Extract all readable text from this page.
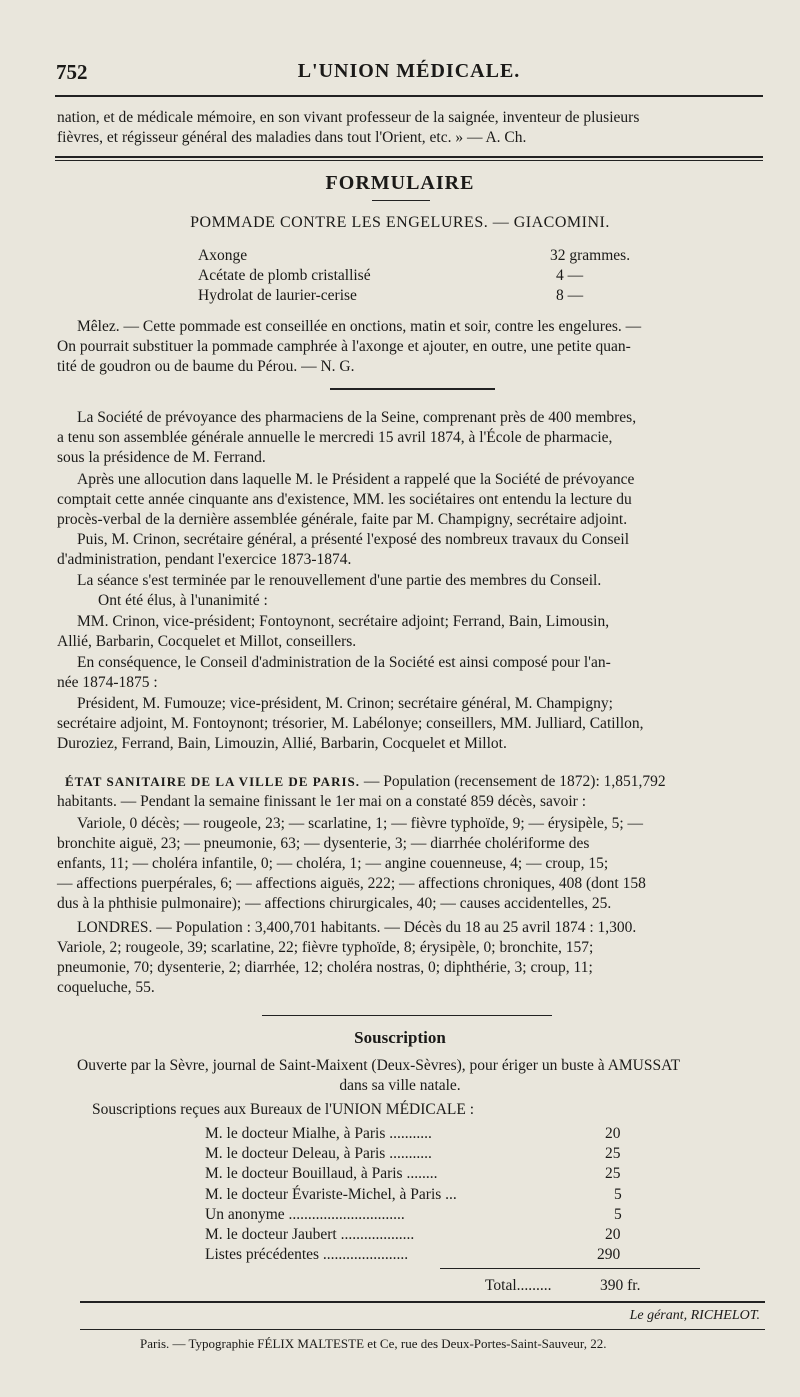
752	L'UNION MÉDICALE.
nation, et de médicale mémoire, en son vivant professeur de la saignée, inventeur de plusieurs
fièvres, et régisseur général des maladies dans tout l'Orient, etc. » — A. Ch.
FORMULAIRE
POMMADE CONTRE LES ENGELURES. — GIACOMINI.
Axonge	32 grammes.
Acétate de plomb cristallisé	4 —
Hydrolat de laurier-cerise	8 —
Mêlez. — Cette pommade est conseillée en onctions, matin et soir, contre les engelures. —
On pourrait substituer la pommade camphrée à l'axonge et ajouter, en outre, une petite quan-
tité de goudron ou de baume du Pérou. — N. G.
La Société de prévoyance des pharmaciens de la Seine, comprenant près de 400 membres,
a tenu son assemblée générale annuelle le mercredi 15 avril 1874, à l'École de pharmacie,
sous la présidence de M. Ferrand.
Après une allocution dans laquelle M. le Président a rappelé que la Société de prévoyance
comptait cette année cinquante ans d'existence, MM. les sociétaires ont entendu la lecture du
procès-verbal de la dernière assemblée générale, faite par M. Champigny, secrétaire adjoint.
Puis, M. Crinon, secrétaire général, a présenté l'exposé des nombreux travaux du Conseil
d'administration, pendant l'exercice 1873-1874.
La séance s'est terminée par le renouvellement d'une partie des membres du Conseil.
Ont été élus, à l'unanimité :
MM. Crinon, vice-président; Fontoynont, secrétaire adjoint; Ferrand, Bain, Limousin,
Allié, Barbarin, Cocquelet et Millot, conseillers.
En conséquence, le Conseil d'administration de la Société est ainsi composé pour l'an-
née 1874-1875 :
Président, M. Fumouze; vice-président, M. Crinon; secrétaire général, M. Champigny;
secrétaire adjoint, M. Fontoynont; trésorier, M. Labélonye; conseillers, MM. Julliard, Catillon,
Duroziez, Ferrand, Bain, Limouzin, Allié, Barbarin, Cocquelet et Millot.
ÉTAT SANITAIRE DE LA VILLE DE PARIS. — Population (recensement de 1872): 1,851,792
habitants. — Pendant la semaine finissant le 1er mai on a constaté 859 décès, savoir :
Variole, 0 décès; — rougeole, 23; — scarlatine, 1; — fièvre typhoïde, 9; — érysipèle, 5; —
bronchite aiguë, 23; — pneumonie, 63; — dysenterie, 3; — diarrhée cholériforme des
enfants, 11; — choléra infantile, 0; — choléra, 1; — angine couenneuse, 4; — croup, 15;
— affections puerpérales, 6; — affections aiguës, 222; — affections chroniques, 408 (dont 158
dus à la phthisie pulmonaire); — affections chirurgicales, 40; — causes accidentelles, 25.
LONDRES. — Population : 3,400,701 habitants. — Décès du 18 au 25 avril 1874 : 1,300.
Variole, 2; rougeole, 39; scarlatine, 22; fièvre typhoïde, 8; érysipèle, 0; bronchite, 157;
pneumonie, 70; dysenterie, 2; diarrhée, 12; choléra nostras, 0; diphthérie, 3; croup, 11;
coqueluche, 55.
Souscription
Ouverte par la Sèvre, journal de Saint-Maixent (Deux-Sèvres), pour ériger un buste à AMUSSAT
dans sa ville natale.
Souscriptions reçues aux Bureaux de l'UNION MÉDICALE :
M. le docteur Mialhe, à Paris ...........	20
M. le docteur Deleau, à Paris ...........	25
M. le docteur Bouillaud, à Paris ........	25
M. le docteur Évariste-Michel, à Paris ...	5
Un anonyme ..............................	5
M. le docteur Jaubert ...................	20
Listes précédentes ......................	290
Total.........	390 fr.
Le gérant, RICHELOT.
Paris. — Typographie FÉLIX MALTESTE et Ce, rue des Deux-Portes-Saint-Sauveur, 22.
